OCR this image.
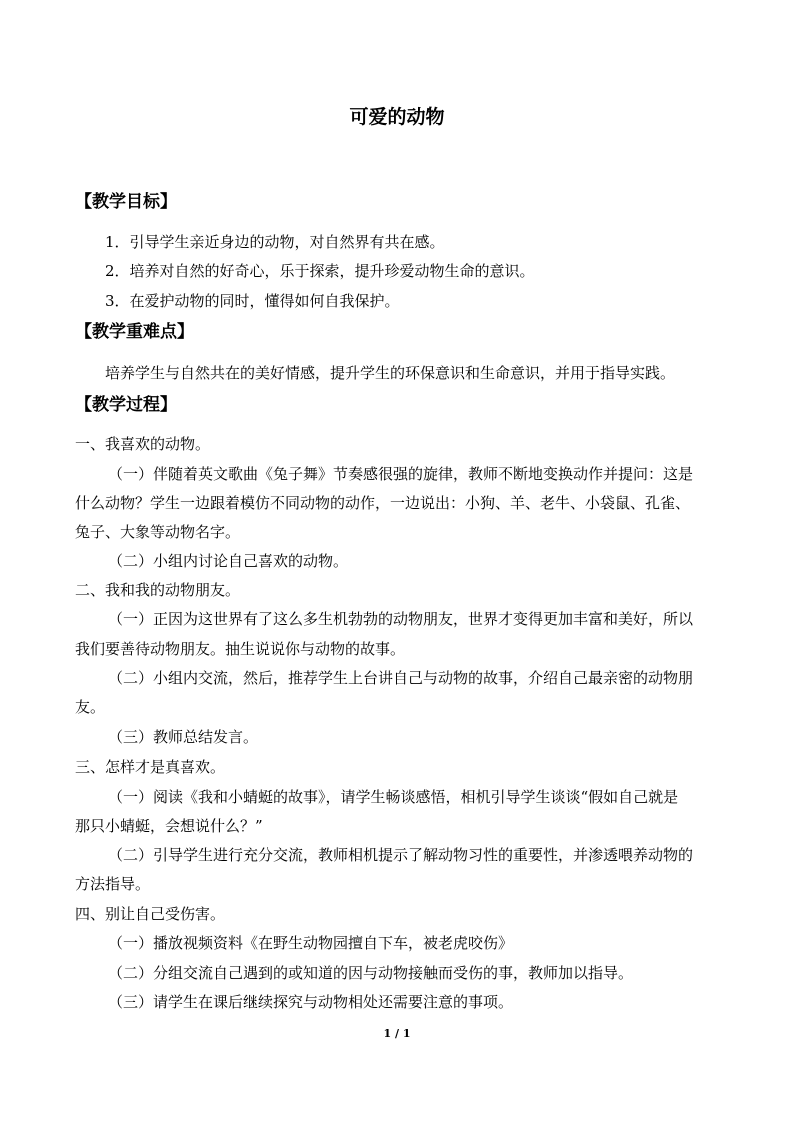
可爱的动物
【教学目标】
1．引导学生亲近身边的动物，对自然界有共在感。
2．培养对自然的好奇心，乐于探索，提升珍爱动物生命的意识。
3．在爱护动物的同时，懂得如何自我保护。
【教学重难点】
培养学生与自然共在的美好情感，提升学生的环保意识和生命意识，并用于指导实践。
【教学过程】
一、我喜欢的动物。
（一）伴随着英文歌曲《兔子舞》节奏感很强的旋律，教师不断地变换动作并提问：这是
什么动物？学生一边跟着模仿不同动物的动作，一边说出：小狗、羊、老牛、小袋鼠、孔雀、
兔子、大象等动物名字。
（二）小组内讨论自己喜欢的动物。
二、我和我的动物朋友。
（一）正因为这世界有了这么多生机勃勃的动物朋友，世界才变得更加丰富和美好，所以
我们要善待动物朋友。抽生说说你与动物的故事。
（二）小组内交流，然后，推荐学生上台讲自己与动物的故事，介绍自己最亲密的动物朋
友。
（三）教师总结发言。
三、怎样才是真喜欢。
（一）阅读《我和小蜻蜓的故事》，请学生畅谈感悟，相机引导学生谈谈“假如自己就是
那只小蜻蜓，会想说什么？”
（二）引导学生进行充分交流，教师相机提示了解动物习性的重要性，并渗透喂养动物的
方法指导。
四、别让自己受伤害。
（一）播放视频资料《在野生动物园擅自下车，被老虎咬伤》
（二）分组交流自己遇到的或知道的因与动物接触而受伤的事，教师加以指导。
（三）请学生在课后继续探究与动物相处还需要注意的事项。
1 / 1
